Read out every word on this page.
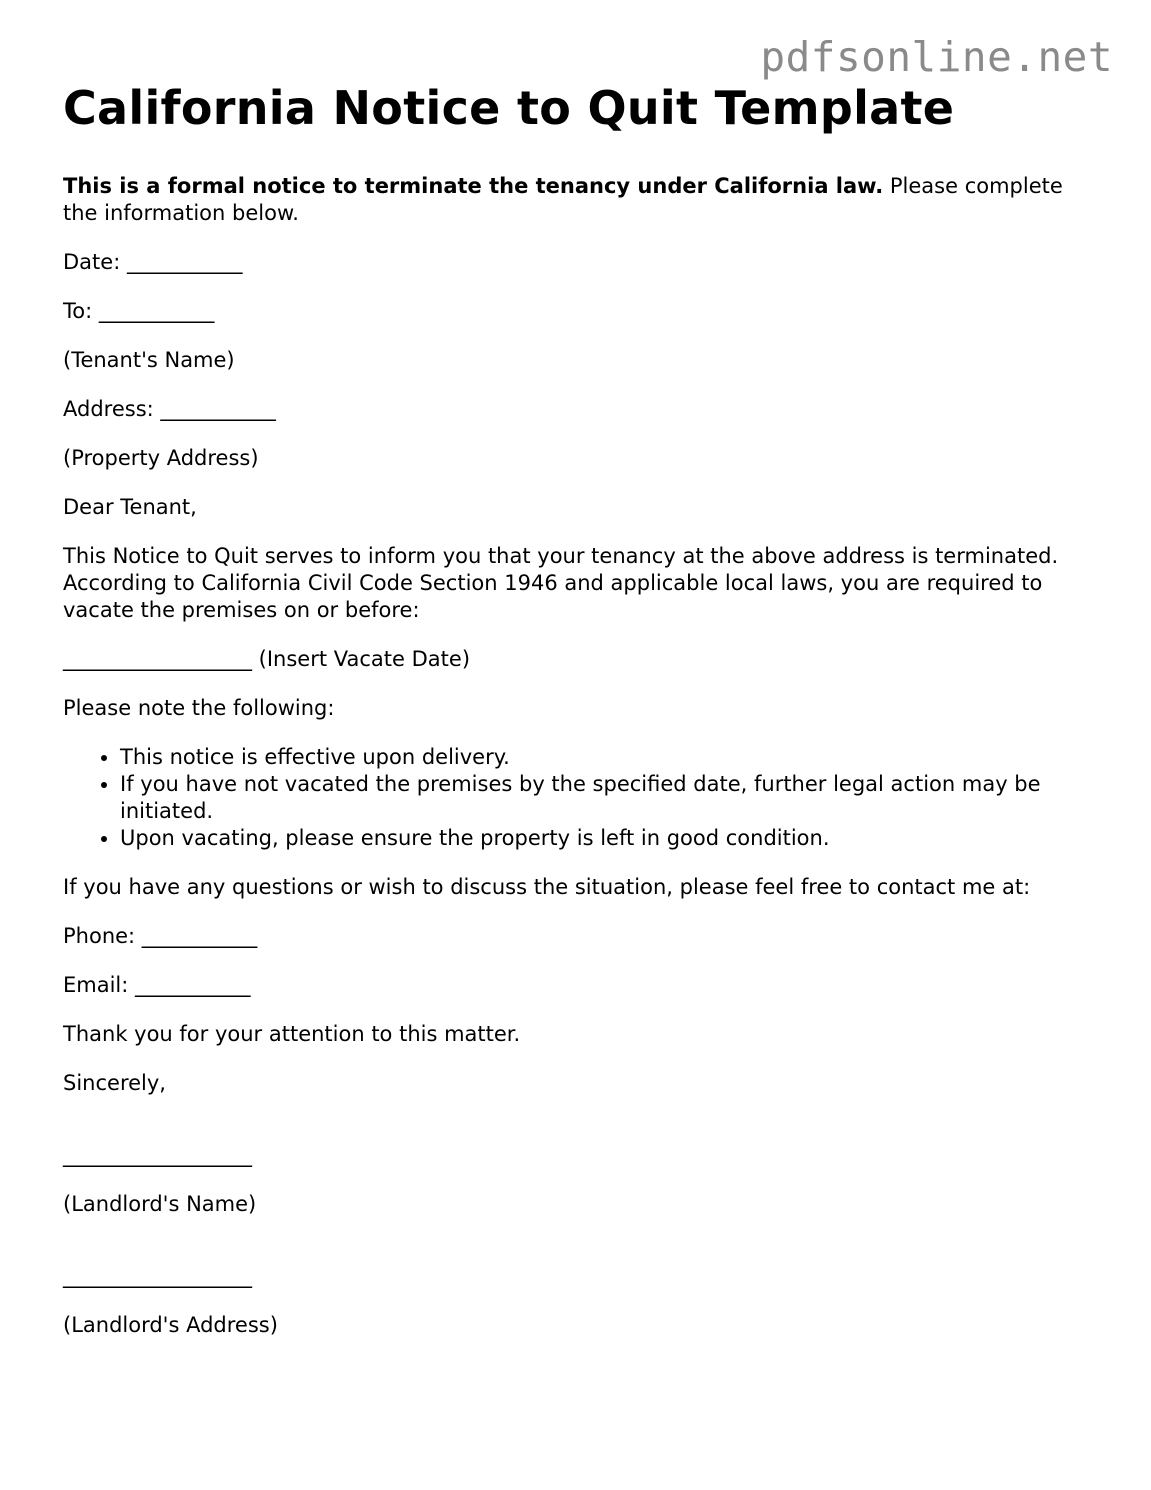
pdfsonline.net
California Notice to Quit Template

This is a formal notice to terminate the tenancy under California law. Please complete the information below.

Date: ___________

To: ___________

(Tenant's Name)

Address: ___________

(Property Address)

Dear Tenant,

This Notice to Quit serves to inform you that your tenancy at the above address is terminated. According to California Civil Code Section 1946 and applicable local laws, you are required to vacate the premises on or before:

__________________ (Insert Vacate Date)

Please note the following:

• This notice is effective upon delivery.
• If you have not vacated the premises by the specified date, further legal action may be initiated.
• Upon vacating, please ensure the property is left in good condition.

If you have any questions or wish to discuss the situation, please feel free to contact me at:

Phone: ___________

Email: ___________

Thank you for your attention to this matter.

Sincerely,

__________________

(Landlord's Name)

__________________

(Landlord's Address)
